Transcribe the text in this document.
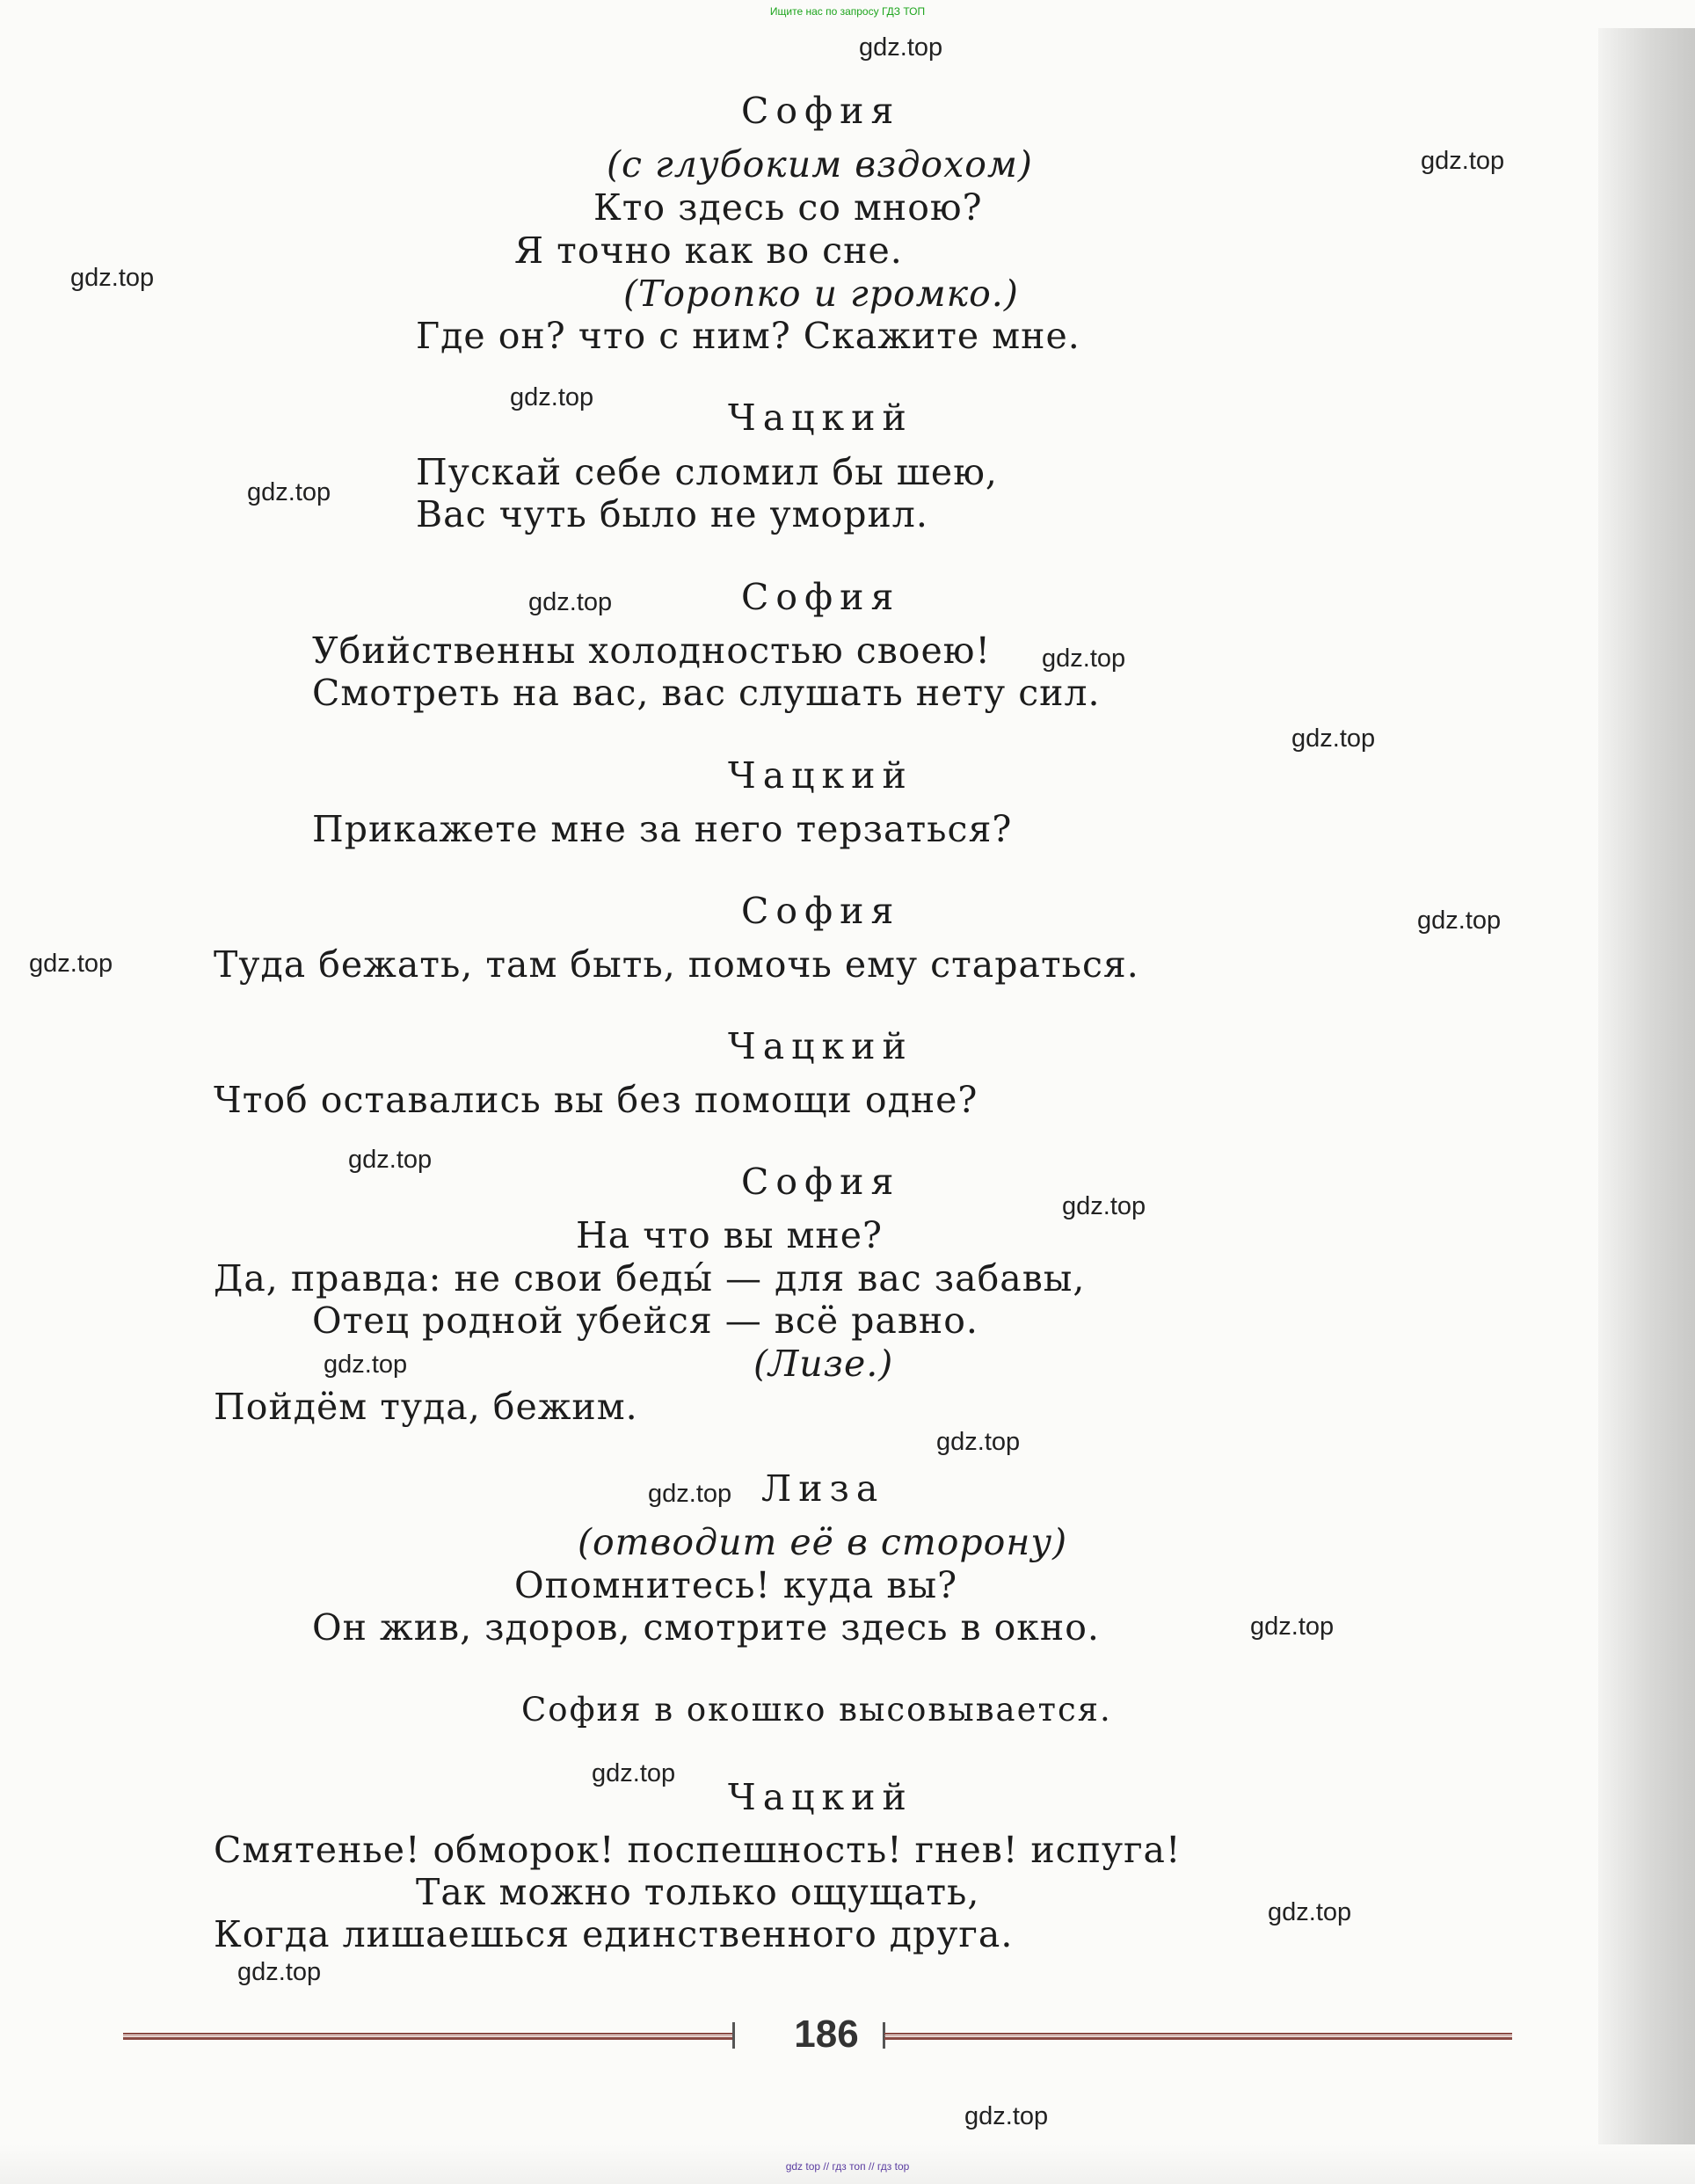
Ищите нас по запросу ГДЗ ТОП
София
(с глубоким вздохом)
Кто здесь со мною?
Я точно как во сне.
(Торопко и громко.)
Где он? что с ним? Скажите мне.
Чацкий
Пускай себе сломил бы шею,
Вас чуть было не уморил.
София
Убийственны холодностью своею!
Смотреть на вас, вас слушать нету сил.
Чацкий
Прикажете мне за него терзаться?
София
Туда бежать, там быть, помочь ему стараться.
Чацкий
Чтоб оставались вы без помощи одне?
София
На что вы мне?
Да, правда: не свои беды́ — для вас забавы,
Отец родной убейся — всё равно.
(Лизе.)
Пойдём туда, бежим.
Лиза
(отводит её в сторону)
Опомнитесь! куда вы?
Он жив, здоров, смотрите здесь в окно.
София в окошко высовывается.
Чацкий
Смятенье! обморок! поспешность! гнев! испуга!
Так можно только ощущать,
Когда лишаешься единственного друга.
gdz.top
gdz.top
gdz.top
gdz.top
gdz.top
gdz.top
gdz.top
gdz.top
gdz.top
gdz.top
gdz.top
gdz.top
gdz.top
gdz.top
gdz.top
gdz.top
gdz.top
gdz.top
gdz.top
gdz.top
186
gdz top // гдз топ // гдз top
